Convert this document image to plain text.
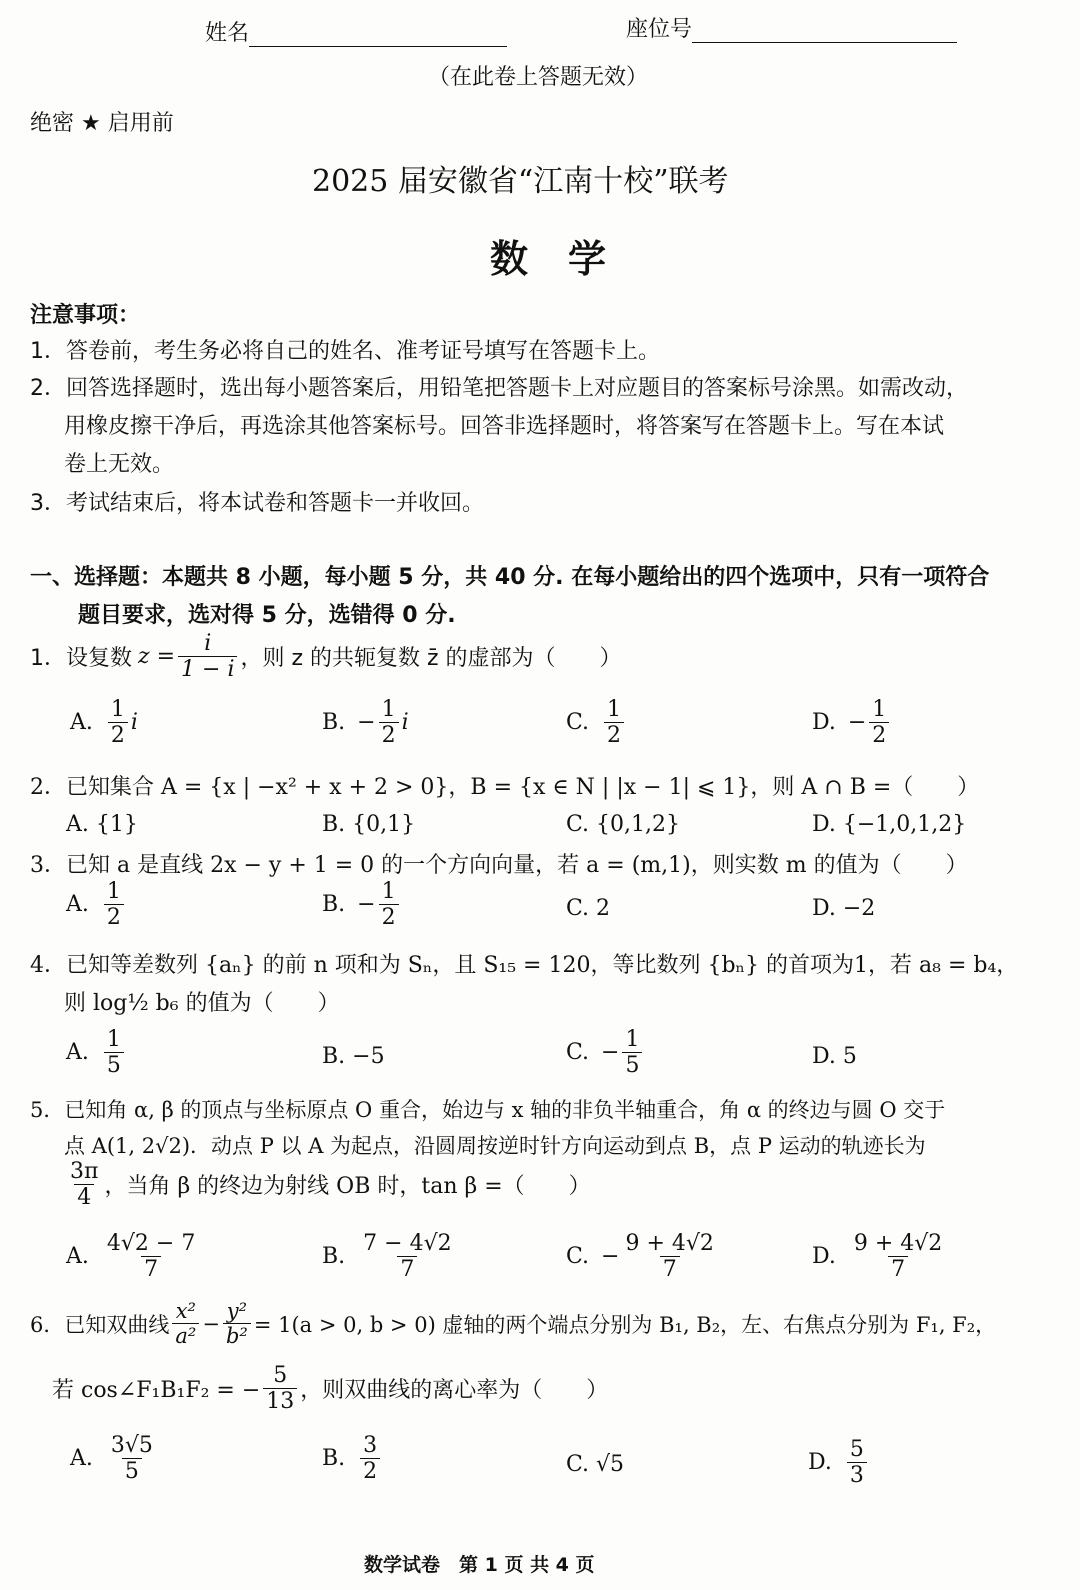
姓名	座位号
（在此卷上答题无效）
绝密 ★ 启用前
2025 届安徽省“江南十校”联考
数学
注意事项：
1．答卷前，考生务必将自己的姓名、准考证号填写在答题卡上。
2．回答选择题时，选出每小题答案后，用铅笔把答题卡上对应题目的答案标号涂黑。如需改动，
用橡皮擦干净后，再选涂其他答案标号。回答非选择题时，将答案写在答题卡上。写在本试
卷上无效。
3．考试结束后，将本试卷和答题卡一并收回。
一、选择题：本题共 8 小题，每小题 5 分，共 40 分. 在每小题给出的四个选项中，只有一项符合
题目要求，选对得 5 分，选错得 0 分.
1．设复数 $z = \frac{i}{1 - i}$ ，则 z 的共轭复数 z̄ 的虚部为（　　）
A. $\frac{1}{2}$ i	B. − $\frac{1}{2}$ i	C. $\frac{1}{2}$	D. − $\frac{1}{2}$
2．已知集合 A = {x | −x² + x + 2 > 0}，B = {x ∈ N | |x − 1| ⩽ 1}，则 A ∩ B =（　　）
A. {1}	B. {0,1}	C. {0,1,2}	D. {−1,0,1,2}
3．已知 a 是直线 2x − y + 1 = 0 的一个方向向量，若 a = (m,1)，则实数 m 的值为（　　）
A. $\frac{1}{2}$	B. − $\frac{1}{2}$	C. 2	D. −2
4．已知等差数列 {aₙ} 的前 n 项和为 Sₙ，且 S₁₅ = 120，等比数列 {bₙ} 的首项为1，若 a₈ = b₄，
则 log½ b₆ 的值为（　　）
A. $\frac{1}{5}$	B. −5	C. − $\frac{1}{5}$	D. 5
5．已知角 α, β 的顶点与坐标原点 O 重合，始边与 x 轴的非负半轴重合，角 α 的终边与圆 O 交于
点 A(1, 2√2)．动点 P 以 A 为起点，沿圆周按逆时针方向运动到点 B，点 P 运动的轨迹长为
$\frac{3\pi}{4}$ ，当角 β 的终边为射线 OB 时，tan β =（　　）
A. $\frac{4√2 - 7}{7}$	B. $\frac{7 - 4√2}{7}$	C. − $\frac{9 + 4√2}{7}$	D. $\frac{9 + 4√2}{7}$
6．已知双曲线 $\frac{\text{x²}}{\text{a²}} - \frac{\text{y²}}{\text{b²}} = 1(a > 0$, b > 0) 虚轴的两个端点分别为 B₁, B₂，左、右焦点分别为 F₁, F₂，
若 cos∠F₁B₁F₂ = − $\frac{5}{13}$ ，则双曲线的离心率为（　　）
A. $\frac{3√5}{5}$	B. $\frac{3}{2}$	C. √5	D. $\frac{5}{3}$
数学试卷　第 1 页 共 4 页
